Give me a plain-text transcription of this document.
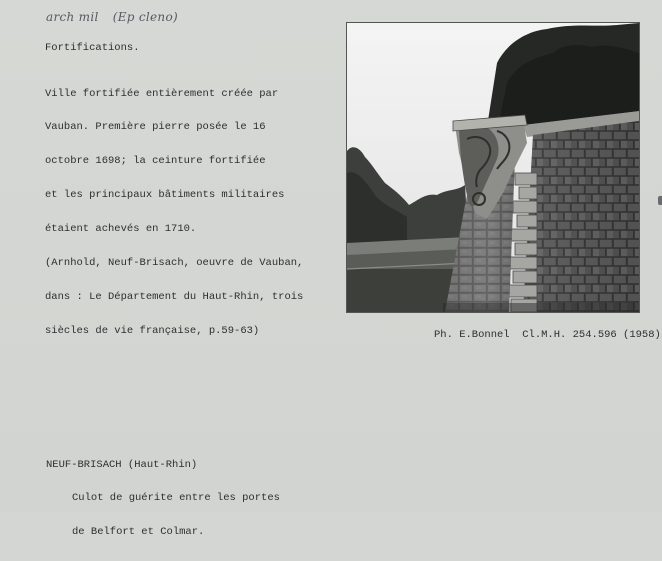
arch mil (Ep cleno)
Fortifications.

Ville fortifiée entièrement créée par

Vauban. Première pierre posée le 16

octobre 1698; la ceinture fortifiée

et les principaux bâtiments militaires

étaient achevés en 1710.

(Arnhold, Neuf-Brisach, oeuvre de Vauban,

dans : Le Département du Haut-Rhin, trois

siècles de vie française, p.59-63)

	Ph. E.Bonnel  Cl.M.H. 254.596 (1958)

NEUF-BRISACH (Haut-Rhin)

Culot de guérite entre les portes

de Belfort et Colmar.
